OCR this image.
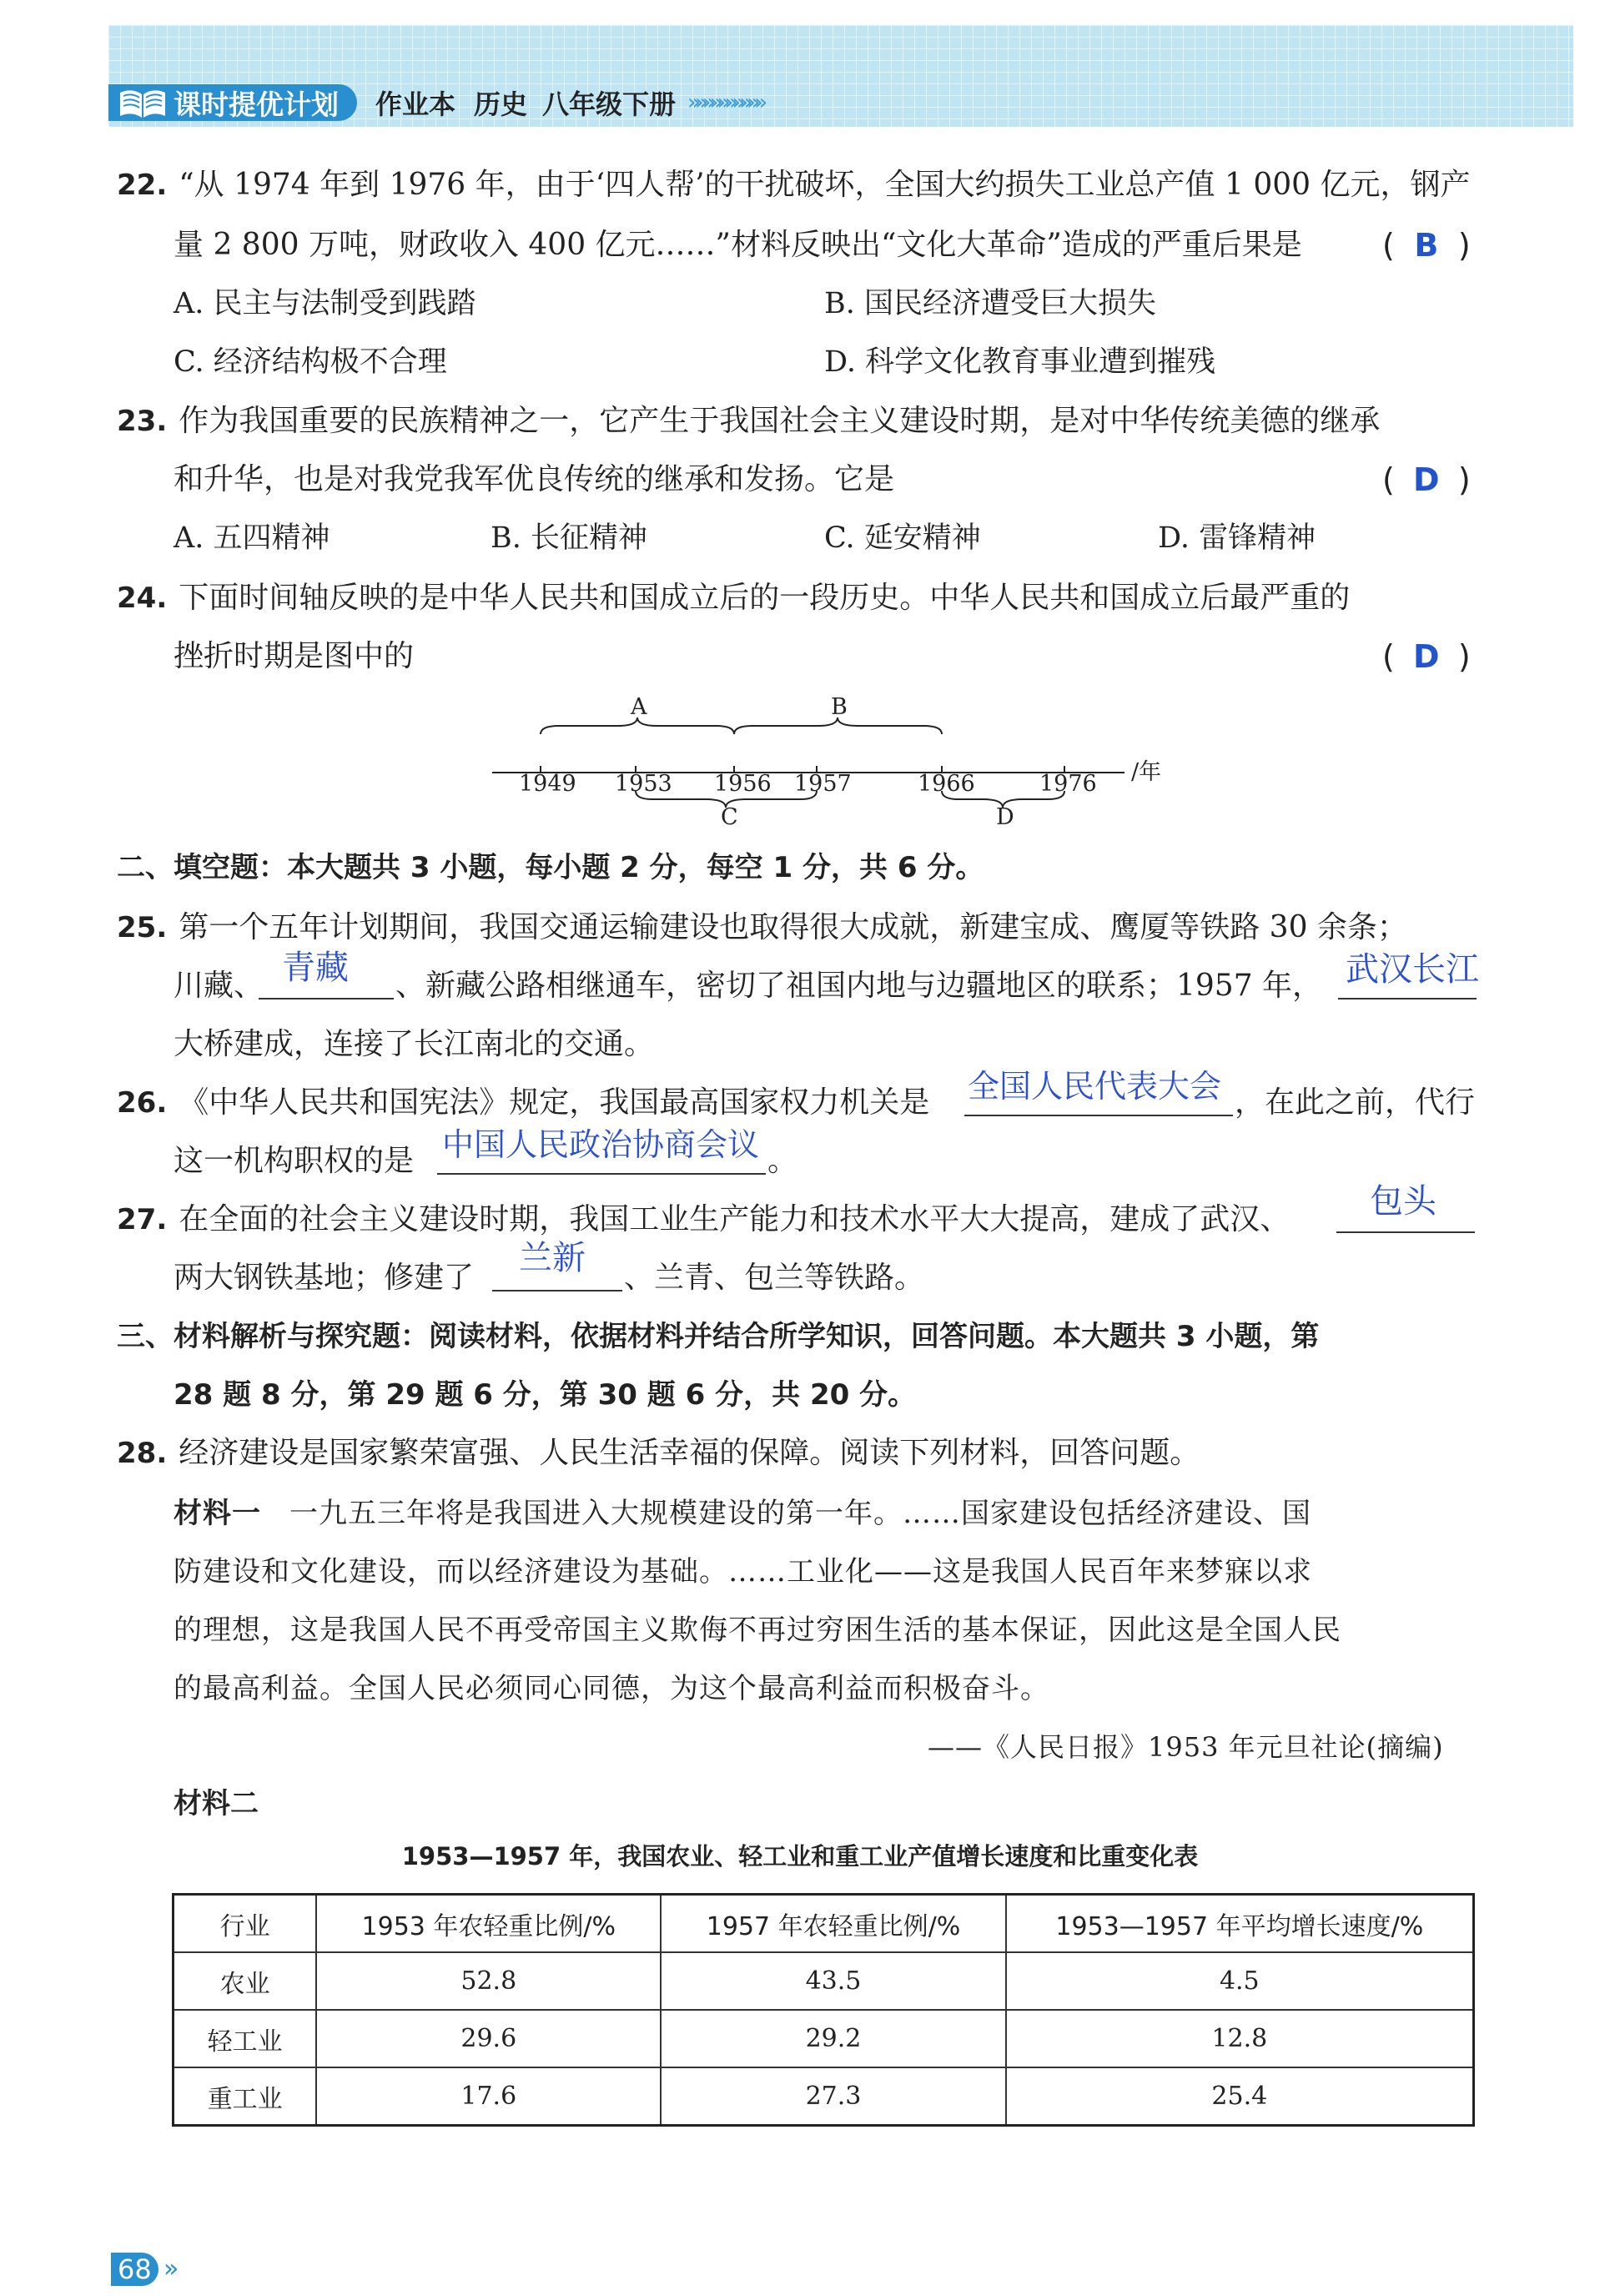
课时提优计划 作业本 历史 八年级下册 »»»»»»»»»»
22. “从 1974 年到 1976 年，由于‘四人帮’的干扰破坏，全国大约损失工业总产值 1 000 亿元，钢产
量 2 800 万吨，财政收入 400 亿元……”材料反映出“文化大革命”造成的严重后果是	( B )
A. 民主与法制受到践踏	B. 国民经济遭受巨大损失
C. 经济结构极不合理	D. 科学文化教育事业遭到摧残
23. 作为我国重要的民族精神之一，它产生于我国社会主义建设时期，是对中华传统美德的继承
和升华，也是对我党我军优良传统的继承和发扬。它是	( D )
A. 五四精神	B. 长征精神	C. 延安精神	D. 雷锋精神
24. 下面时间轴反映的是中华人民共和国成立后的一段历史。中华人民共和国成立后最严重的
挫折时期是图中的	( D )
1949 1953 1956 1957	1966	1976 /年
A	B
C	D
二、填空题：本大题共 3 小题，每小题 2 分，每空 1 分，共 6 分。
25. 第一个五年计划期间，我国交通运输建设也取得很大成就，新建宝成、鹰厦等铁路 30 余条；
川藏、 青藏 、新藏公路相继通车，密切了祖国内地与边疆地区的联系；1957 年， 武汉长江
大桥建成，连接了长江南北的交通。
26. 《中华人民共和国宪法》规定，我国最高国家权力机关是 全国人民代表大会 ，在此之前，代行
这一机构职权的是 中国人民政治协商会议 。
27. 在全面的社会主义建设时期，我国工业生产能力和技术水平大大提高，建成了武汉、 包头
两大钢铁基地；修建了
兰新
、兰青、包兰等铁路。
三、材料解析与探究题：阅读材料，依据材料并结合所学知识，回答问题。本大题共 3 小题，第
28 题 8 分，第 29 题 6 分，第 30 题 6 分，共 20 分。
28. 经济建设是国家繁荣富强、人民生活幸福的保障。阅读下列材料，回答问题。
材料一 一九五三年将是我国进入大规模建设的第一年。……国家建设包括经济建设、国
防建设和文化建设，而以经济建设为基础。……工业化——这是我国人民百年来梦寐以求
的理想，这是我国人民不再受帝国主义欺侮不再过穷困生活的基本保证，因此这是全国人民
的最高利益。全国人民必须同心同德，为这个最高利益而积极奋斗。
——《人民日报》1953 年元旦社论(摘编)
材料二
1953—1957 年，我国农业、轻工业和重工业产值增长速度和比重变化表
行业	1953 年农轻重比例/%	1957 年农轻重比例/%	1953—1957 年平均增长速度/%
农业	52.8	43.5	4.5
轻工业	29.6	29.2	12.8
重工业	17.6	27.3	25.4
68 »
